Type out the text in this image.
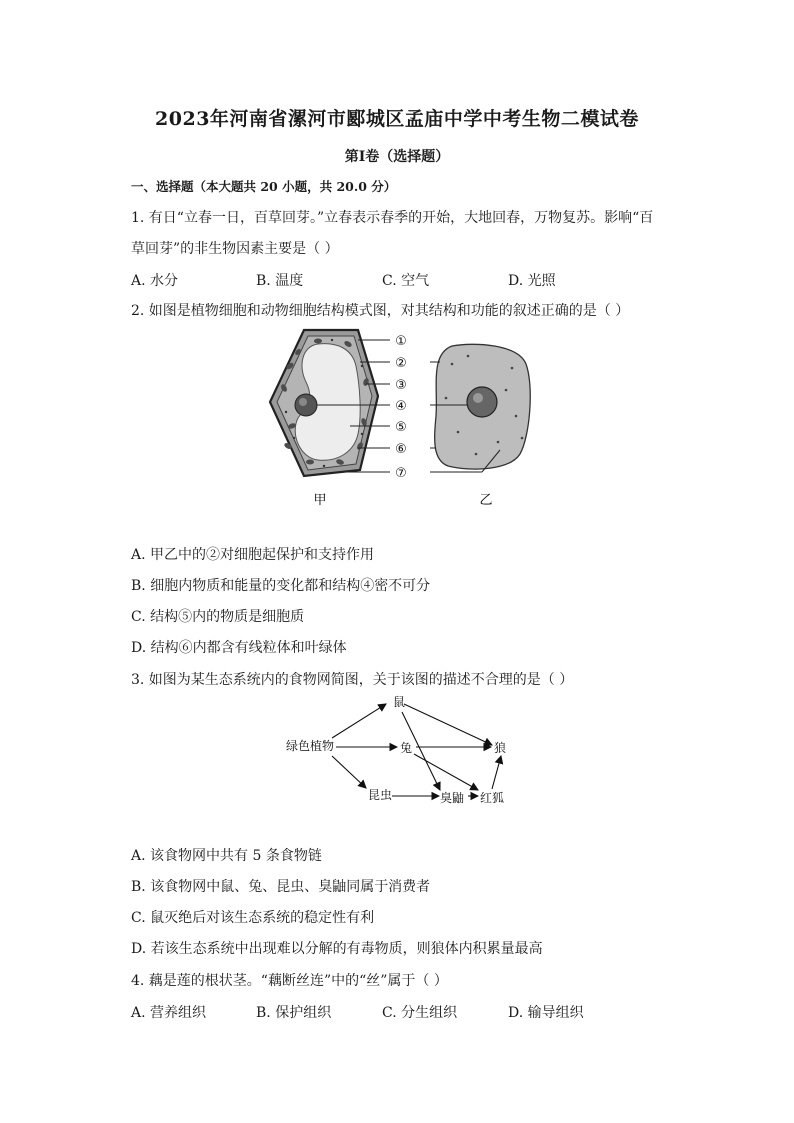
2023年河南省漯河市郾城区孟庙中学中考生物二模试卷
第Ⅰ卷（选择题）
一、选择题（本大题共 20 小题，共 20.0 分）
1. 有日“立春一日，百草回芽。”立春表示春季的开始，大地回春，万物复苏。影响“百
草回芽”的非生物因素主要是（ ）
A. 水分	B. 温度	C. 空气	D. 光照
2. 如图是植物细胞和动物细胞结构模式图，对其结构和功能的叙述正确的是（ ）
①
②
③
④
⑤
⑥
⑦
甲	乙
A. 甲乙中的②对细胞起保护和支持作用
B. 细胞内物质和能量的变化都和结构④密不可分
C. 结构⑤内的物质是细胞质
D. 结构⑥内都含有线粒体和叶绿体
3. 如图为某生态系统内的食物网简图，关于该图的描述不合理的是（ ）
绿色植物
鼠
兔
昆虫	臭鼬 红狐
狼
A. 该食物网中共有 5 条食物链
B. 该食物网中鼠、兔、昆虫、臭鼬同属于消费者
C. 鼠灭绝后对该生态系统的稳定性有利
D. 若该生态系统中出现难以分解的有毒物质，则狼体内积累量最高
4. 藕是莲的根状茎。“藕断丝连”中的“丝”属于（ ）
A. 营养组织	B. 保护组织	C. 分生组织	D. 输导组织
